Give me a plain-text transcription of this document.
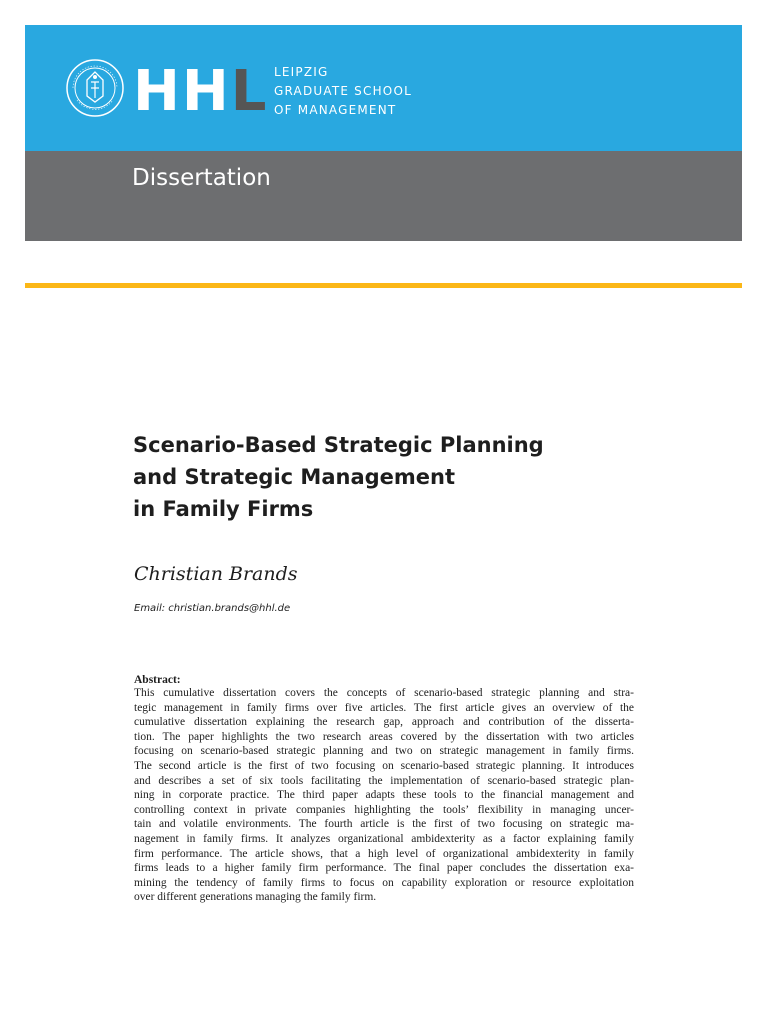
HHL LEIPZIG
GRADUATE SCHOOL
OF MANAGEMENT
Dissertation
Scenario-Based Strategic Planning
and Strategic Management
in Family Firms
Christian Brands
Email: christian.brands@hhl.de
Abstract:
This cumulative dissertation covers the concepts of scenario-based strategic planning and stra-
tegic management in family firms over five articles. The first article gives an overview of the
cumulative dissertation explaining the research gap, approach and contribution of the disserta-
tion. The paper highlights the two research areas covered by the dissertation with two articles
focusing on scenario-based strategic planning and two on strategic management in family firms.
The second article is the first of two focusing on scenario-based strategic planning. It introduces
and describes a set of six tools facilitating the implementation of scenario-based strategic plan-
ning in corporate practice. The third paper adapts these tools to the financial management and
controlling context in private companies highlighting the tools’ flexibility in managing uncer-
tain and volatile environments. The fourth article is the first of two focusing on strategic ma-
nagement in family firms. It analyzes organizational ambidexterity as a factor explaining family
firm performance. The article shows, that a high level of organizational ambidexterity in family
firms leads to a higher family firm performance. The final paper concludes the dissertation exa-
mining the tendency of family firms to focus on capability exploration or resource exploitation
over different generations managing the family firm.
